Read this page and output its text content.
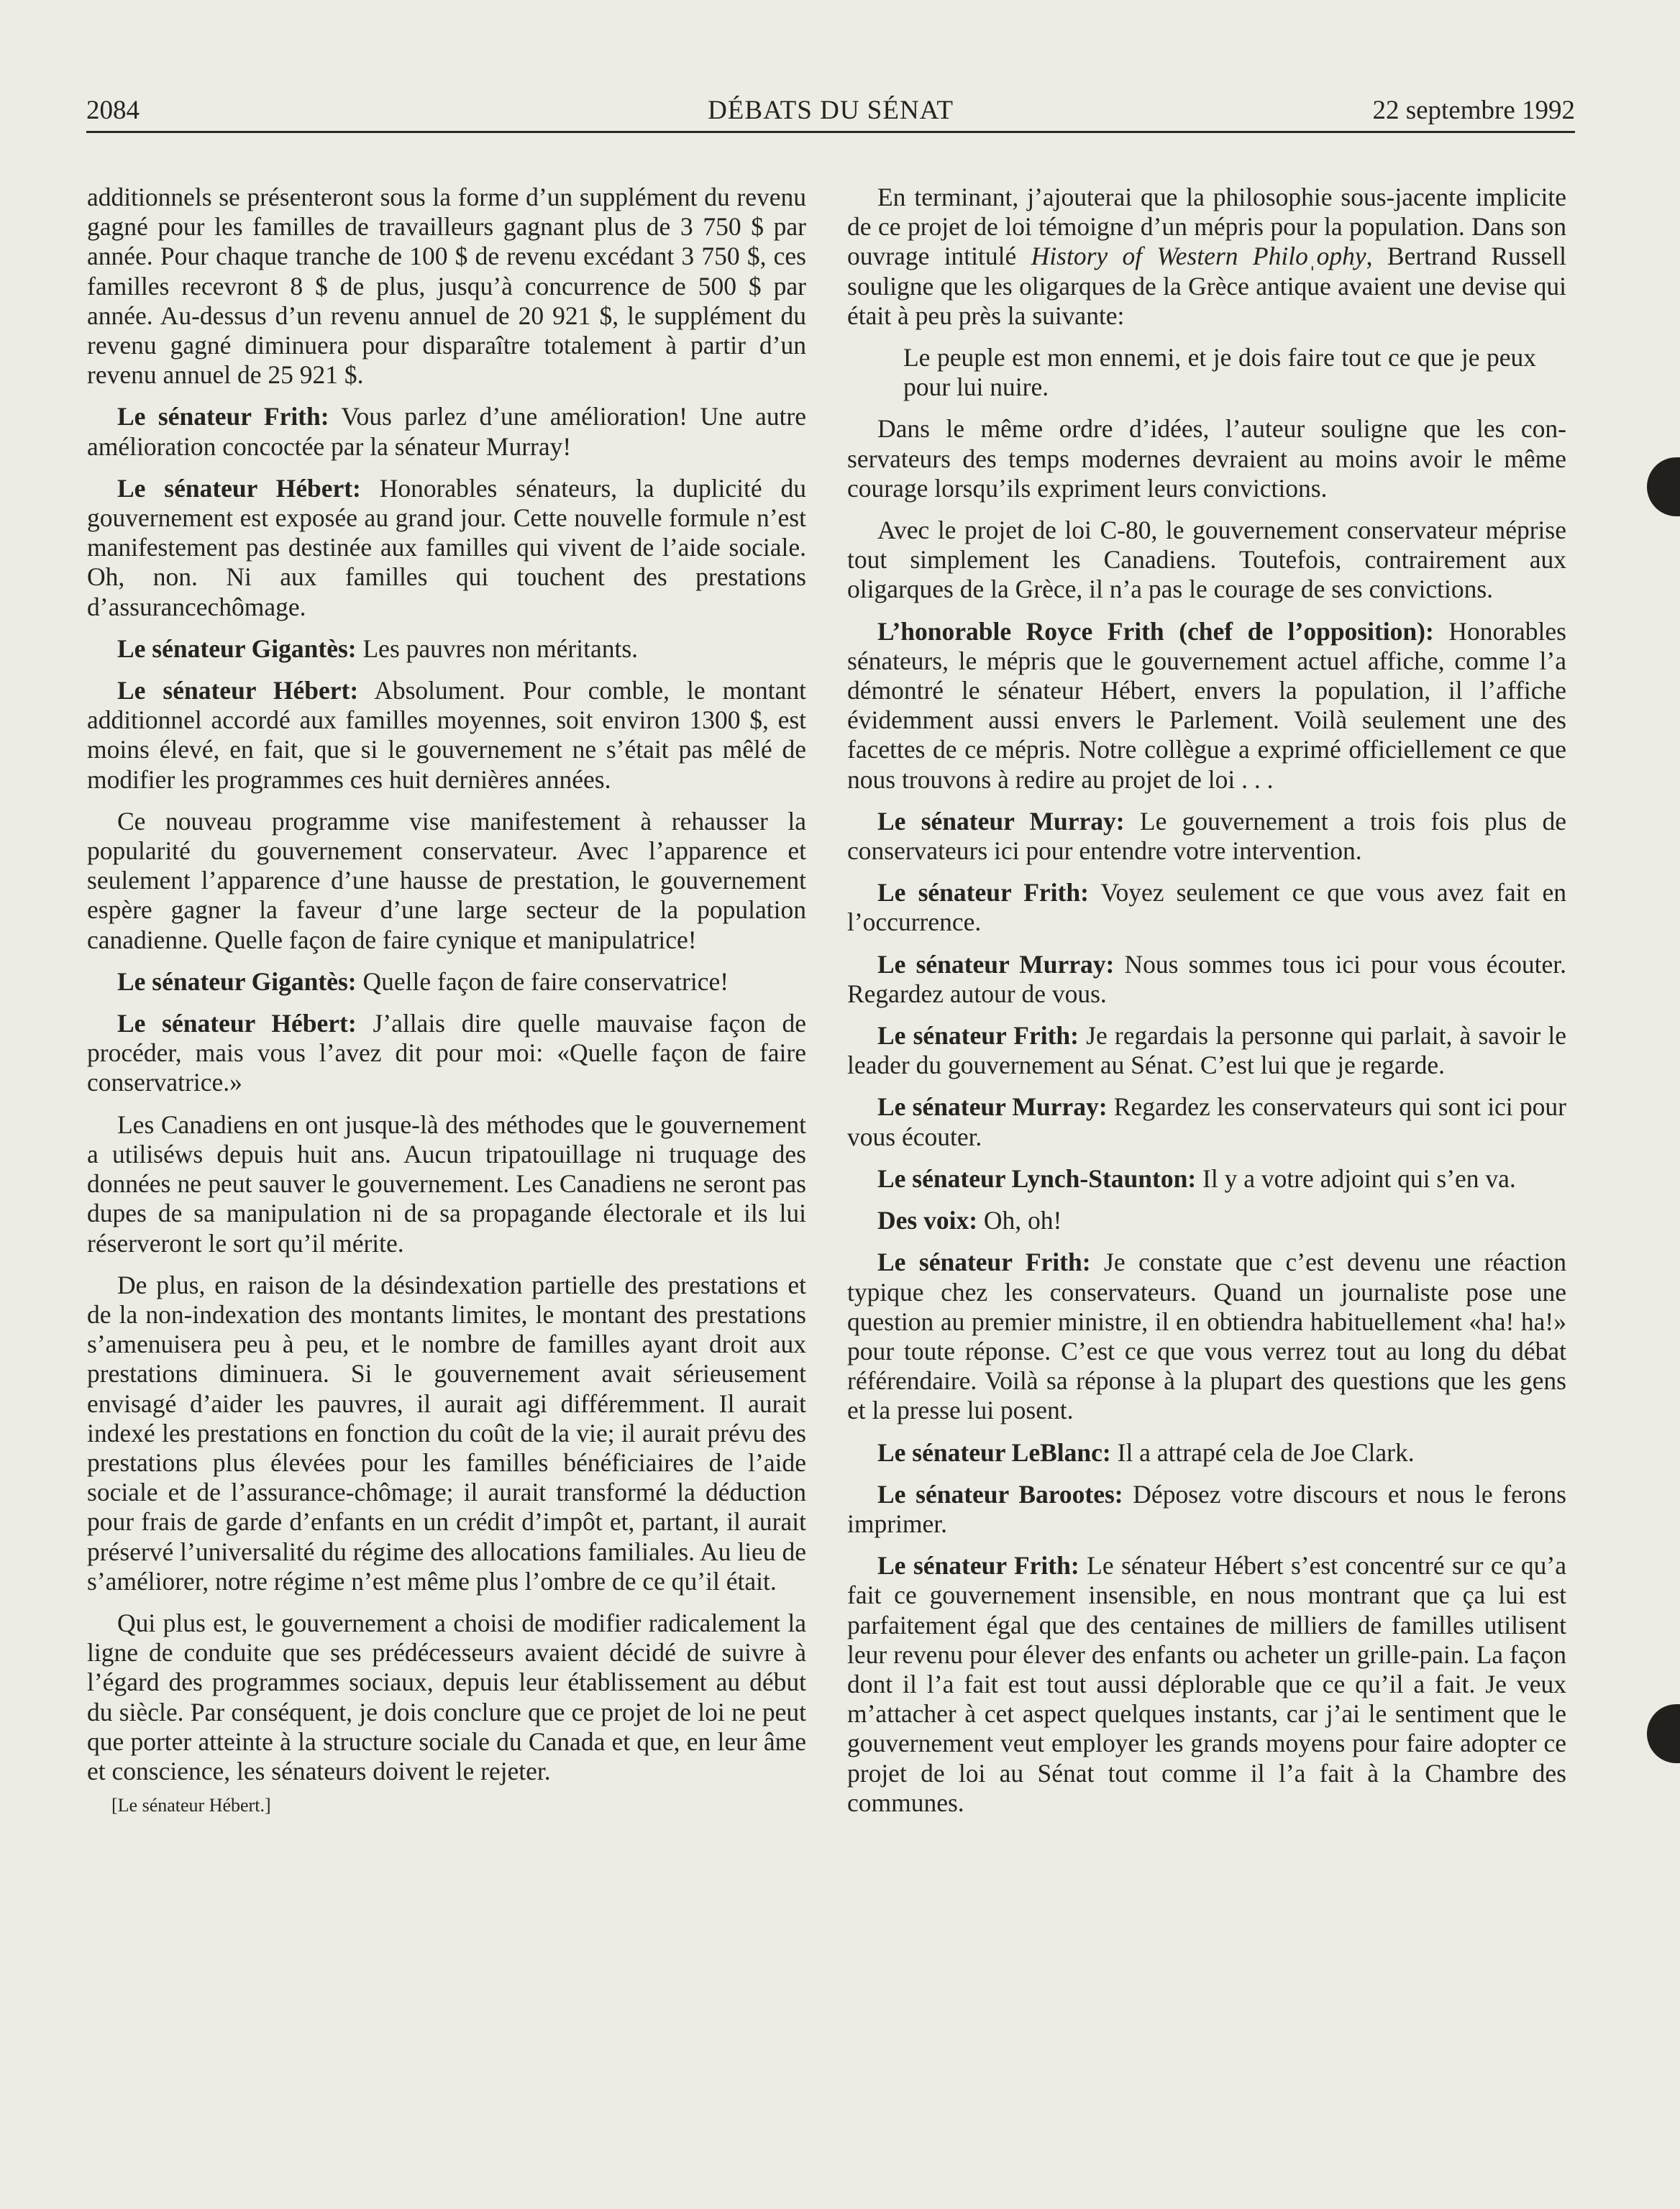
2084	DÉBATS DU SÉNAT	22 septembre 1992

additionnels se présenteront sous la forme d’un supplément du revenu gagné pour les familles de travailleurs gagnant plus de 3 750 $ par année. Pour chaque tranche de 100 $ de revenu excédant 3 750 $, ces familles recevront 8 $ de plus, jusqu’à concurrence de 500 $ par année. Au-dessus d’un revenu annuel de 20 921 $, le supplément du revenu gagné diminuera pour disparaître totalement à partir d’un revenu annuel de 25 921 $.

Le sénateur Frith: Vous parlez d’une amélioration! Une autre amélioration concoctée par la sénateur Murray!

Le sénateur Hébert: Honorables sénateurs, la duplicité du gouvernement est exposée au grand jour. Cette nouvelle formule n’est manifestement pas destinée aux familles qui vivent de l’aide sociale. Oh, non. Ni aux familles qui touchent des prestations d’assurancechômage.

Le sénateur Gigantès: Les pauvres non méritants.

Le sénateur Hébert: Absolument. Pour comble, le montant additionnel accordé aux familles moyennes, soit environ 1300 $, est moins élevé, en fait, que si le gouvernement ne s’était pas mêlé de modifier les programmes ces huit dernières années.

Ce nouveau programme vise manifestement à rehausser la popularité du gouvernement conservateur. Avec l’apparence et seulement l’apparence d’une hausse de prestation, le gouvernement espère gagner la faveur d’une large secteur de la population canadienne. Quelle façon de faire cynique et manipulatrice!

Le sénateur Gigantès: Quelle façon de faire conservatrice!

Le sénateur Hébert: J’allais dire quelle mauvaise façon de procéder, mais vous l’avez dit pour moi: «Quelle façon de faire conservatrice.»

Les Canadiens en ont jusque-là des méthodes que le gouvernement a utiliséws depuis huit ans. Aucun tripatouillage ni truquage des données ne peut sauver le gouvernement. Les Canadiens ne seront pas dupes de sa manipulation ni de sa propagande électorale et ils lui réserveront le sort qu’il mérite.

De plus, en raison de la désindexation partielle des prestations et de la non-indexation des montants limites, le montant des prestations s’amenuisera peu à peu, et le nombre de familles ayant droit aux prestations diminuera. Si le gouvernement avait sérieusement envisagé d’aider les pauvres, il aurait agi différemment. Il aurait indexé les prestations en fonction du coût de la vie; il aurait prévu des prestations plus élevées pour les familles bénéficiaires de l’aide sociale et de l’assurance-chômage; il aurait transformé la déduction pour frais de garde d’enfants en un crédit d’impôt et, partant, il aurait préservé l’universalité du régime des allocations familiales. Au lieu de s’améliorer, notre régime n’est même plus l’ombre de ce qu’il était.

Qui plus est, le gouvernement a choisi de modifier radicalement la ligne de conduite que ses prédécesseurs avaient décidé de suivre à l’égard des programmes sociaux, depuis leur établissement au début du siècle. Par conséquent, je dois conclure que ce projet de loi ne peut que porter atteinte à la structure sociale du Canada et que, en leur âme et conscience, les sénateurs doivent le rejeter.

[Le sénateur Hébert.]

En terminant, j’ajouterai que la philosophie sous-jacente implicite de ce projet de loi témoigne d’un mépris pour la population. Dans son ouvrage intitulé History of Western Philoˌophy, Bertrand Russell souligne que les oligarques de la Grèce antique avaient une devise qui était à peu près la suivante:

Le peuple est mon ennemi, et je dois faire tout ce que je peux pour lui nuire.

Dans le même ordre d’idées, l’auteur souligne que les conservateurs des temps modernes devraient au moins avoir le même courage lorsqu’ils expriment leurs convictions.

Avec le projet de loi C-80, le gouvernement conservateur méprise tout simplement les Canadiens. Toutefois, contrairement aux oligarques de la Grèce, il n’a pas le courage de ses convictions.

L’honorable Royce Frith (chef de l’opposition): Honorables sénateurs, le mépris que le gouvernement actuel affiche, comme l’a démontré le sénateur Hébert, envers la population, il l’affiche évidemment aussi envers le Parlement. Voilà seulement une des facettes de ce mépris. Notre collègue a exprimé officiellement ce que nous trouvons à redire au projet de loi . . .

Le sénateur Murray: Le gouvernement a trois fois plus de conservateurs ici pour entendre votre intervention.

Le sénateur Frith: Voyez seulement ce que vous avez fait en l’occurrence.

Le sénateur Murray: Nous sommes tous ici pour vous écouter. Regardez autour de vous.

Le sénateur Frith: Je regardais la personne qui parlait, à savoir le leader du gouvernement au Sénat. C’est lui que je regarde.

Le sénateur Murray: Regardez les conservateurs qui sont ici pour vous écouter.

Le sénateur Lynch-Staunton: Il y a votre adjoint qui s’en va.

Des voix: Oh, oh!

Le sénateur Frith: Je constate que c’est devenu une réaction typique chez les conservateurs. Quand un journaliste pose une question au premier ministre, il en obtiendra habituellement «ha! ha!» pour toute réponse. C’est ce que vous verrez tout au long du débat référendaire. Voilà sa réponse à la plupart des questions que les gens et la presse lui posent.

Le sénateur LeBlanc: Il a attrapé cela de Joe Clark.

Le sénateur Barootes: Déposez votre discours et nous le ferons imprimer.

Le sénateur Frith: Le sénateur Hébert s’est concentré sur ce qu’a fait ce gouvernement insensible, en nous montrant que ça lui est parfaitement égal que des centaines de milliers de familles utilisent leur revenu pour élever des enfants ou acheter un grille-pain. La façon dont il l’a fait est tout aussi déplorable que ce qu’il a fait. Je veux m’attacher à cet aspect quelques instants, car j’ai le sentiment que le gouvernement veut employer les grands moyens pour faire adopter ce projet de loi au Sénat tout comme il l’a fait à la Chambre des communes.
